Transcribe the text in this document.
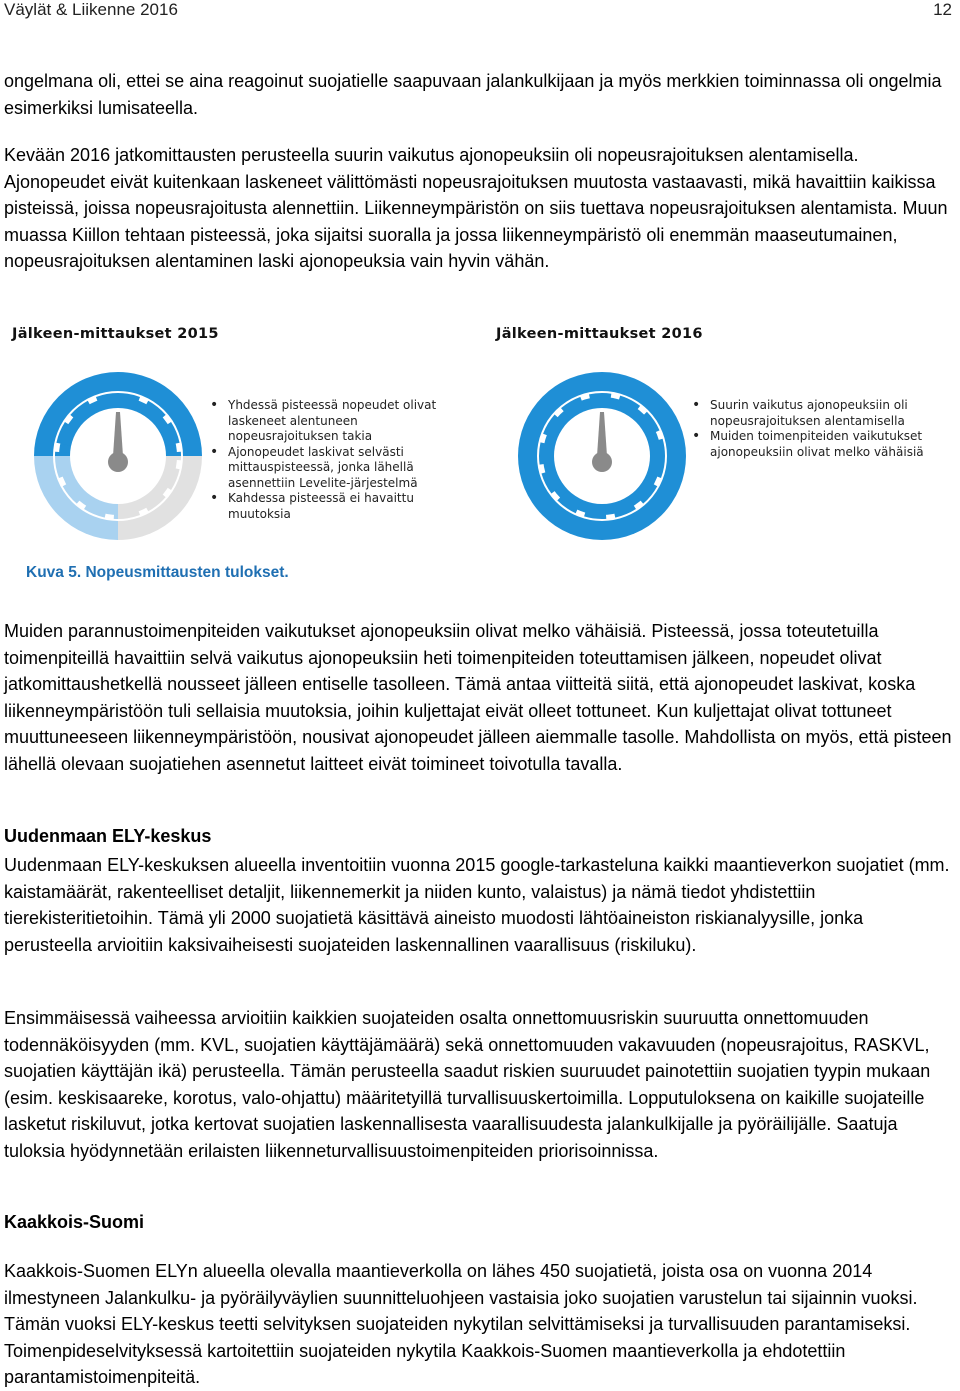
Väylät & Liikenne 2016	12

ongelmana oli, ettei se aina reagoinut suojatielle saapuvaan jalankulkijaan ja myös merkkien toiminnassa oli ongelmia esimerkiksi lumisateella.

Kevään 2016 jatkomittausten perusteella suurin vaikutus ajonopeuksiin oli nopeusrajoituksen alentamisella. Ajonopeudet eivät kuitenkaan laskeneet välittömästi nopeusrajoituksen muutosta vastaavasti, mikä havaittiin kaikissa pisteissä, joissa nopeusrajoitusta alennettiin. Liikenneympäristön on siis tuettava nopeusrajoituksen alentamista. Muun muassa Kiillon tehtaan pisteessä, joka sijaitsi suoralla ja jossa liikenneympäristö oli enemmän maaseutumainen, nopeusrajoituksen alentaminen laski ajonopeuksia vain hyvin vähän.

Jälkeen-mittaukset 2015	Jälkeen-mittaukset 2016
• Yhdessä pisteessä nopeudet olivat laskeneet alentuneen nopeusrajoituksen takia
• Ajonopeudet laskivat selvästi mittauspisteessä, jonka lähellä asennettiin Levelite-järjestelmä
• Kahdessa pisteessä ei havaittu muutoksia
• Suurin vaikutus ajonopeuksiin oli nopeusrajoituksen alentamisella
• Muiden toimenpiteiden vaikutukset ajonopeuksiin olivat melko vähäisiä
Kuva 5. Nopeusmittausten tulokset.

Muiden parannustoimenpiteiden vaikutukset ajonopeuksiin olivat melko vähäisiä. Pisteessä, jossa toteutetuilla toimenpiteillä havaittiin selvä vaikutus ajonopeuksiin heti toimenpiteiden toteuttamisen jälkeen, nopeudet olivat jatkomittaushetkellä nousseet jälleen entiselle tasolleen. Tämä antaa viitteitä siitä, että ajonopeudet laskivat, koska liikenneympäristöön tuli sellaisia muutoksia, joihin kuljettajat eivät olleet tottuneet. Kun kuljettajat olivat tottuneet muuttuneeseen liikenneympäristöön, nousivat ajonopeudet jälleen aiemmalle tasolle. Mahdollista on myös, että pisteen lähellä olevaan suojatiehen asennetut laitteet eivät toimineet toivotulla tavalla.

Uudenmaan ELY-keskus

Uudenmaan ELY-keskuksen alueella inventoitiin vuonna 2015 google-tarkasteluna kaikki maantieverkon suojatiet (mm. kaistamäärät, rakenteelliset detaljit, liikennemerkit ja niiden kunto, valaistus) ja nämä tiedot yhdistettiin tierekisteritietoihin. Tämä yli 2000 suojatietä käsittävä aineisto muodosti lähtöaineiston riskianalyysille, jonka perusteella arvioitiin kaksivaiheisesti suojateiden laskennallinen vaarallisuus (riskiluku).

Ensimmäisessä vaiheessa arvioitiin kaikkien suojateiden osalta onnettomuusriskin suuruutta onnettomuuden todennäköisyyden (mm. KVL, suojatien käyttäjämäärä) sekä onnettomuuden vakavuuden (nopeusrajoitus, RASKVL, suojatien käyttäjän ikä) perusteella. Tämän perusteella saadut riskien suuruudet painotettiin suojatien tyypin mukaan (esim. keskisaareke, korotus, valo-ohjattu) määritetyillä turvallisuuskertoimilla. Lopputuloksena on kaikille suojateille lasketut riskiluvut, jotka kertovat suojatien laskennallisesta vaarallisuudesta jalankulkijalle ja pyöräilijälle. Saatuja tuloksia hyödynnetään erilaisten liikenneturvallisuustoimenpiteiden priorisoinnissa.

Kaakkois-Suomi

Kaakkois-Suomen ELYn alueella olevalla maantieverkolla on lähes 450 suojatietä, joista osa on vuonna 2014 ilmestyneen Jalankulku- ja pyöräilyväylien suunnitteluohjeen vastaisia joko suojatien varustelun tai sijainnin vuoksi. Tämän vuoksi ELY-keskus teetti selvityksen suojateiden nykytilan selvittämiseksi ja turvallisuuden parantamiseksi. Toimenpideselvityksessä kartoitettiin suojateiden nykytila Kaakkois-Suomen maantieverkolla ja ehdotettiin parantamistoimenpiteitä.
